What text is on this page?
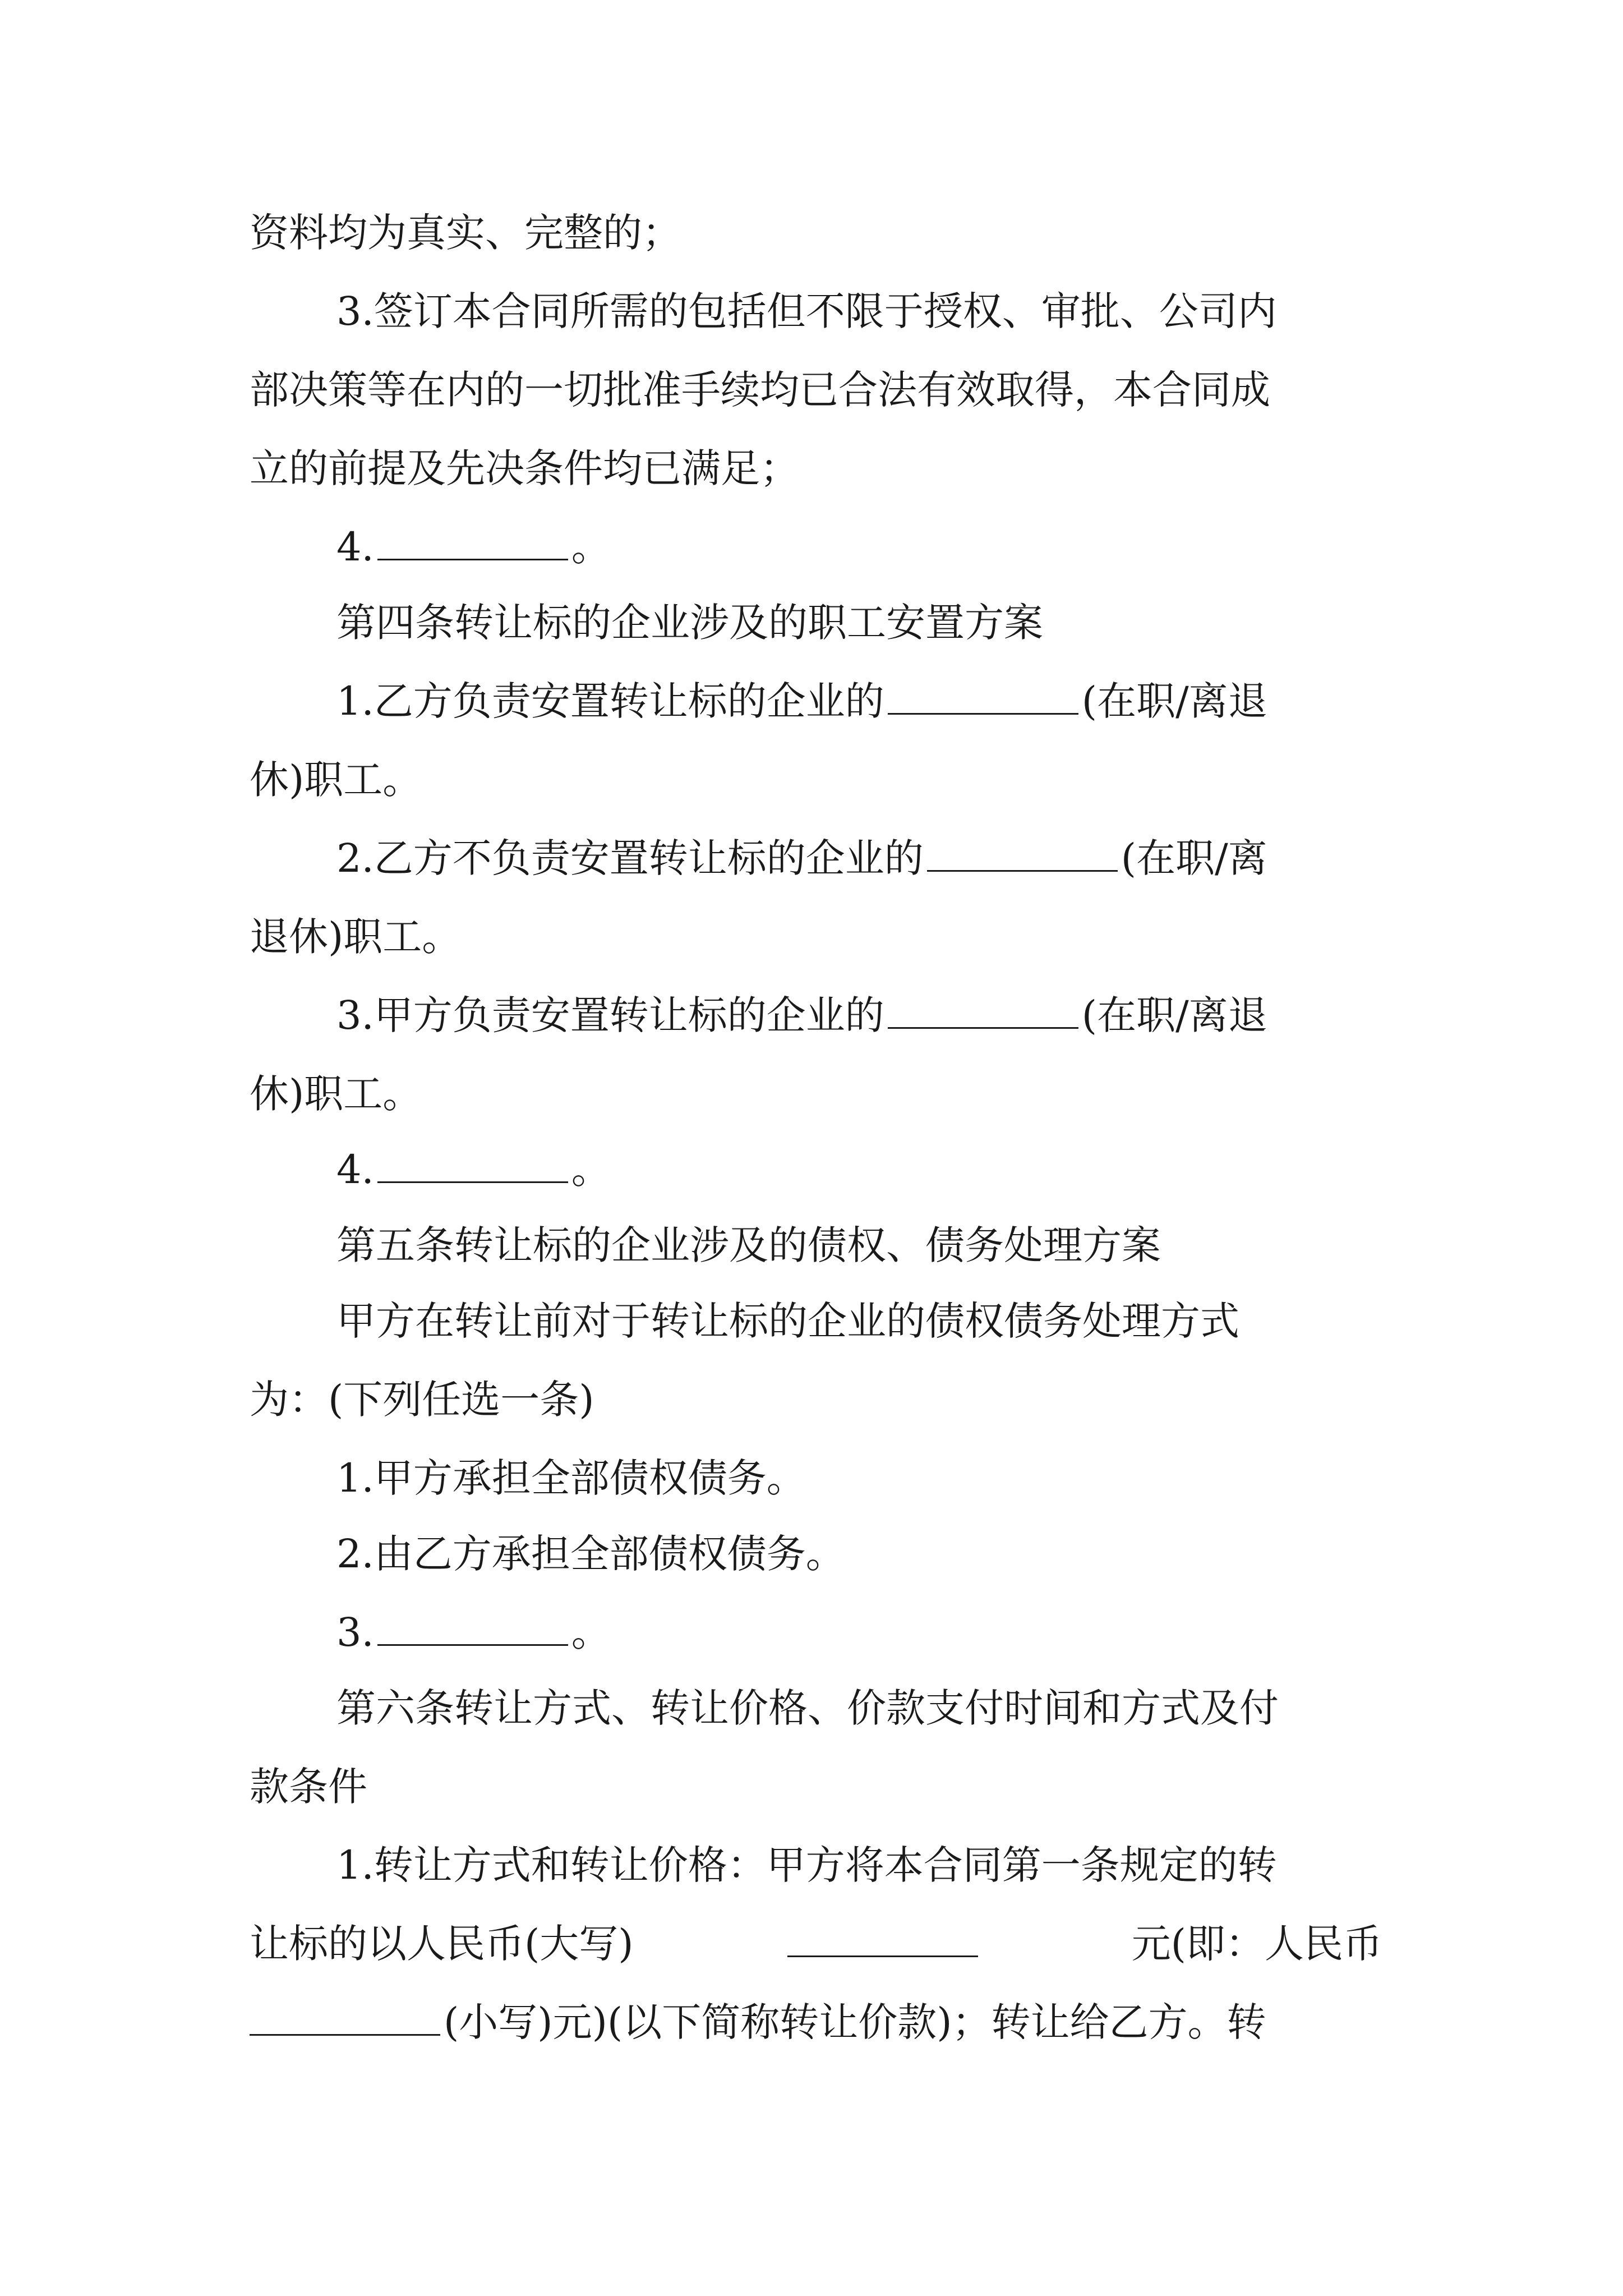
资料均为真实、完整的；
3.签订本合同所需的包括但不限于授权、审批、公司内
部决策等在内的一切批准手续均已合法有效取得，本合同成
立的前提及先决条件均已满足；
4.	。
第四条转让标的企业涉及的职工安置方案
1.乙方负责安置转让标的企业的	(在职/离退
休)职工。
2.乙方不负责安置转让标的企业的	(在职/离
退休)职工。
3.甲方负责安置转让标的企业的	(在职/离退
休)职工。
4.	。
第五条转让标的企业涉及的债权、债务处理方案
甲方在转让前对于转让标的企业的债权债务处理方式
为：(下列任选一条)
1.甲方承担全部债权债务。
2.由乙方承担全部债权债务。
3.	。
第六条转让方式、转让价格、价款支付时间和方式及付
款条件
1.转让方式和转让价格：甲方将本合同第一条规定的转
让标的以人民币(大写)	元(即：人民币
(小写)元)(以下简称转让价款)；转让给乙方。转
